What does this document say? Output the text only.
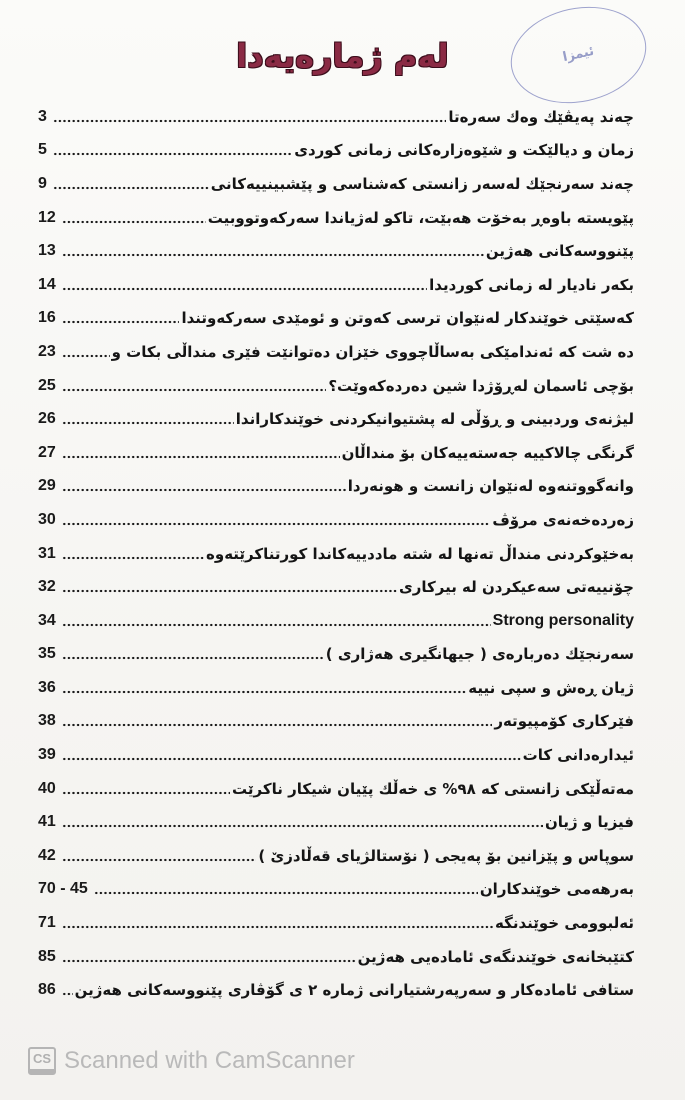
لەم ژمارەیەدا	ئیمزا
3	چەند پەیڤێك وەك سەرەتا
5	زمان و دیالێکت و شێوەزارەکانی زمانی کوردی
9	چەند سەرنجێك لەسەر زانستی کەشناسی و پێشبینییەکانی
12	پێویستە باوەڕ بەخۆت هەبێت، تاکو لەژیاندا سەرکەوتووبیت
13	پێنووسەکانی هەژین
14	بکەر نادیار لە زمانی کوردیدا
16	کەسێتی خوێندکار لەنێوان ترسی کەوتن و ئومێدی سەرکەوتندا
23	دە شت کە ئەندامێکی بەساڵاچووی خێزان دەتوانێت فێری منداڵی بکات و
25	بۆچی ئاسمان لەڕۆژدا شین دەردەکەوێت؟
26	لیژنەی وردبینی و ڕۆڵی لە پشتیوانیکردنی خوێندکاراندا
27	گرنگی چالاکییە جەستەییەکان بۆ منداڵان
29	وانەگووتنەوە لەنێوان زانست و هونەردا
30	زەردەخەنەی مرۆڤ
31	بەخێوکردنی منداڵ تەنها لە شتە ماددییەکاندا کورتناکرێتەوە
32	چۆنییەتی سەعیکردن لە بیرکاری
34	Strong personality
35	سەرنجێك دەربارەی ( جیهانگیری هەژاری )
36	ژیان ڕەش و سپی نییە
38	فێرکاری کۆمپیوتەر
39	ئیدارەدانی کات
40	مەتەڵێکی زانستی کە ٩٨% ی خەڵك پێیان شیکار ناکرێت
41	فیزیا و ژیان
42	سوپاس و پێزانین بۆ پەیجی ( نۆستالژیای قەڵادزێ )
70 - 45	بەرهەمی خوێندکاران
71	ئەلبوومی خوێندنگە
85	کتێبخانەی خوێندنگەی ئامادەیی هەژین
86 ستافی ئامادەکار و سەرپەرشتیارانی ژمارە ٢ ی گۆڤاری پێنووسەکانی هەژین
CS Scanned with CamScanner
